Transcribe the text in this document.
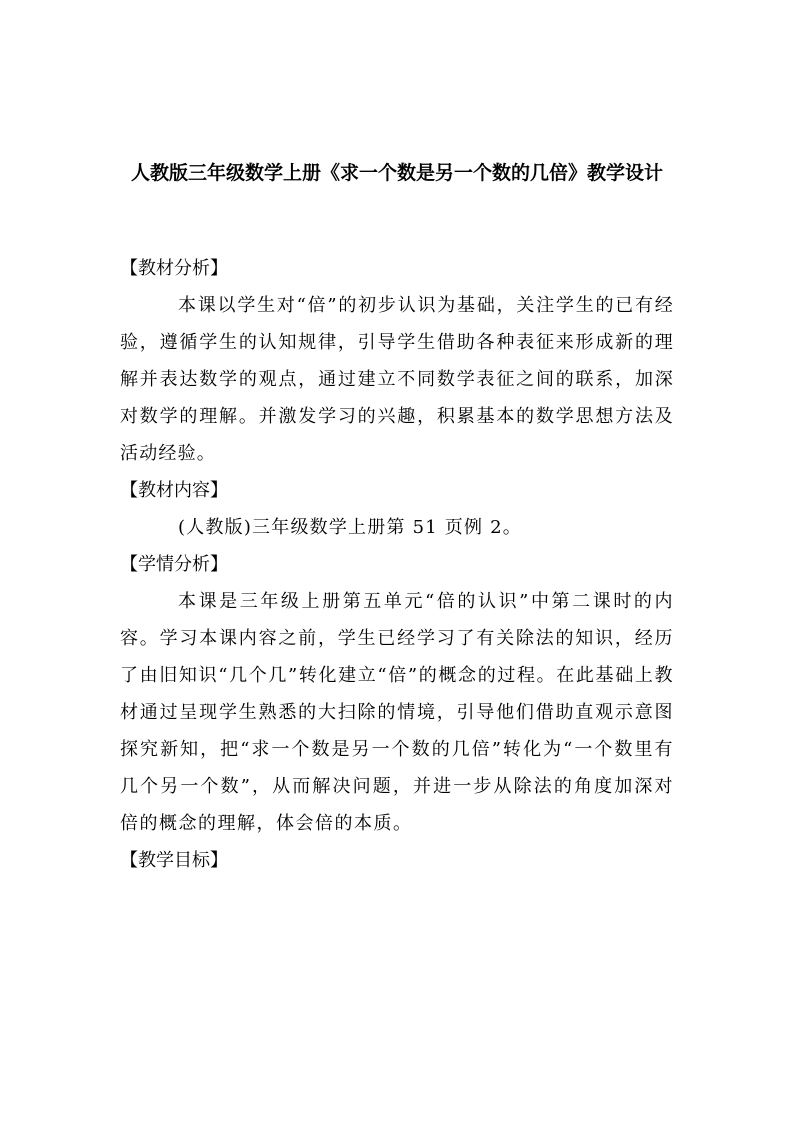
人教版三年级数学上册《求一个数是另一个数的几倍》教学设计

【教材分析】

本课以学生对“倍”的初步认识为基础，关注学生的已有经验，遵循学生的认知规律，引导学生借助各种表征来形成新的理解并表达数学的观点，通过建立不同数学表征之间的联系，加深对数学的理解。并激发学习的兴趣，积累基本的数学思想方法及活动经验。

【教材内容】

(人教版)三年级数学上册第 51 页例 2。

【学情分析】

本课是三年级上册第五单元“倍的认识”中第二课时的内容。学习本课内容之前，学生已经学习了有关除法的知识，经历了由旧知识“几个几”转化建立“倍”的概念的过程。在此基础上教材通过呈现学生熟悉的大扫除的情境，引导他们借助直观示意图探究新知，把“求一个数是另一个数的几倍”转化为“一个数里有几个另一个数”，从而解决问题，并进一步从除法的角度加深对倍的概念的理解，体会倍的本质。

【教学目标】
